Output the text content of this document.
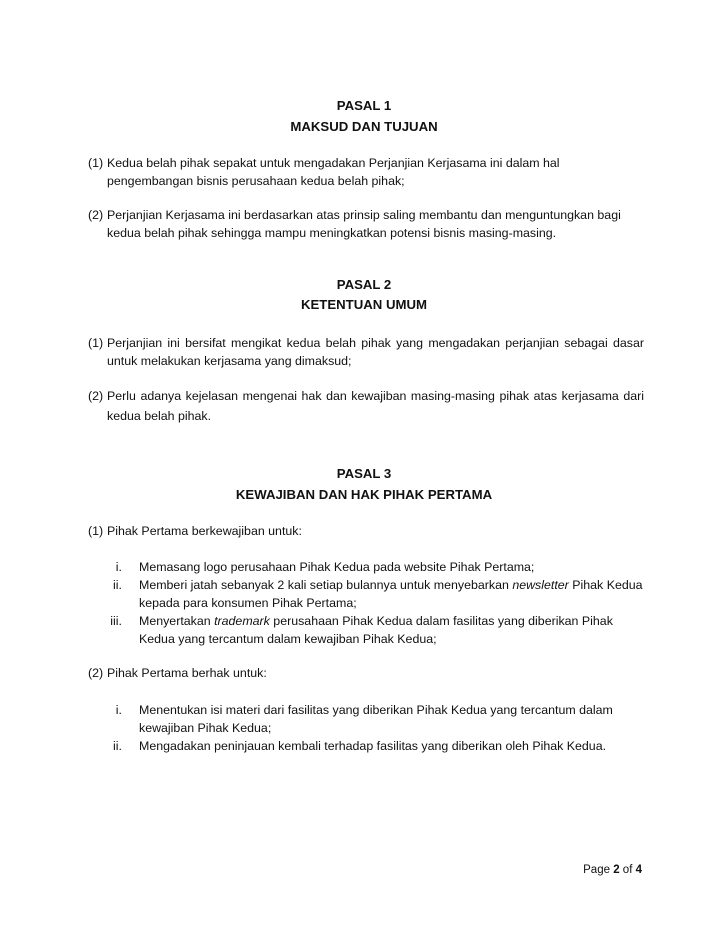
PASAL 1
MAKSUD DAN TUJUAN
(1) Kedua belah pihak sepakat untuk mengadakan Perjanjian Kerjasama ini dalam hal pengembangan bisnis perusahaan kedua belah pihak;
(2) Perjanjian Kerjasama ini berdasarkan atas prinsip saling membantu dan menguntungkan bagi kedua belah pihak sehingga mampu meningkatkan potensi bisnis masing-masing.
PASAL 2
KETENTUAN UMUM
(1) Perjanjian ini bersifat mengikat kedua belah pihak yang mengadakan perjanjian sebagai dasar untuk melakukan kerjasama yang dimaksud;
(2) Perlu adanya kejelasan mengenai hak dan kewajiban masing-masing pihak atas kerjasama dari kedua belah pihak.
PASAL 3
KEWAJIBAN DAN HAK PIHAK PERTAMA
(1) Pihak Pertama berkewajiban untuk:
i. Memasang logo perusahaan Pihak Kedua pada website Pihak Pertama;
ii. Memberi jatah sebanyak 2 kali setiap bulannya untuk menyebarkan newsletter Pihak Kedua kepada para konsumen Pihak Pertama;
iii. Menyertakan trademark perusahaan Pihak Kedua dalam fasilitas yang diberikan Pihak Kedua yang tercantum dalam kewajiban Pihak Kedua;
(2) Pihak Pertama berhak untuk:
i. Menentukan isi materi dari fasilitas yang diberikan Pihak Kedua yang tercantum dalam kewajiban Pihak Kedua;
ii. Mengadakan peninjauan kembali terhadap fasilitas yang diberikan oleh Pihak Kedua.
Page 2 of 4
